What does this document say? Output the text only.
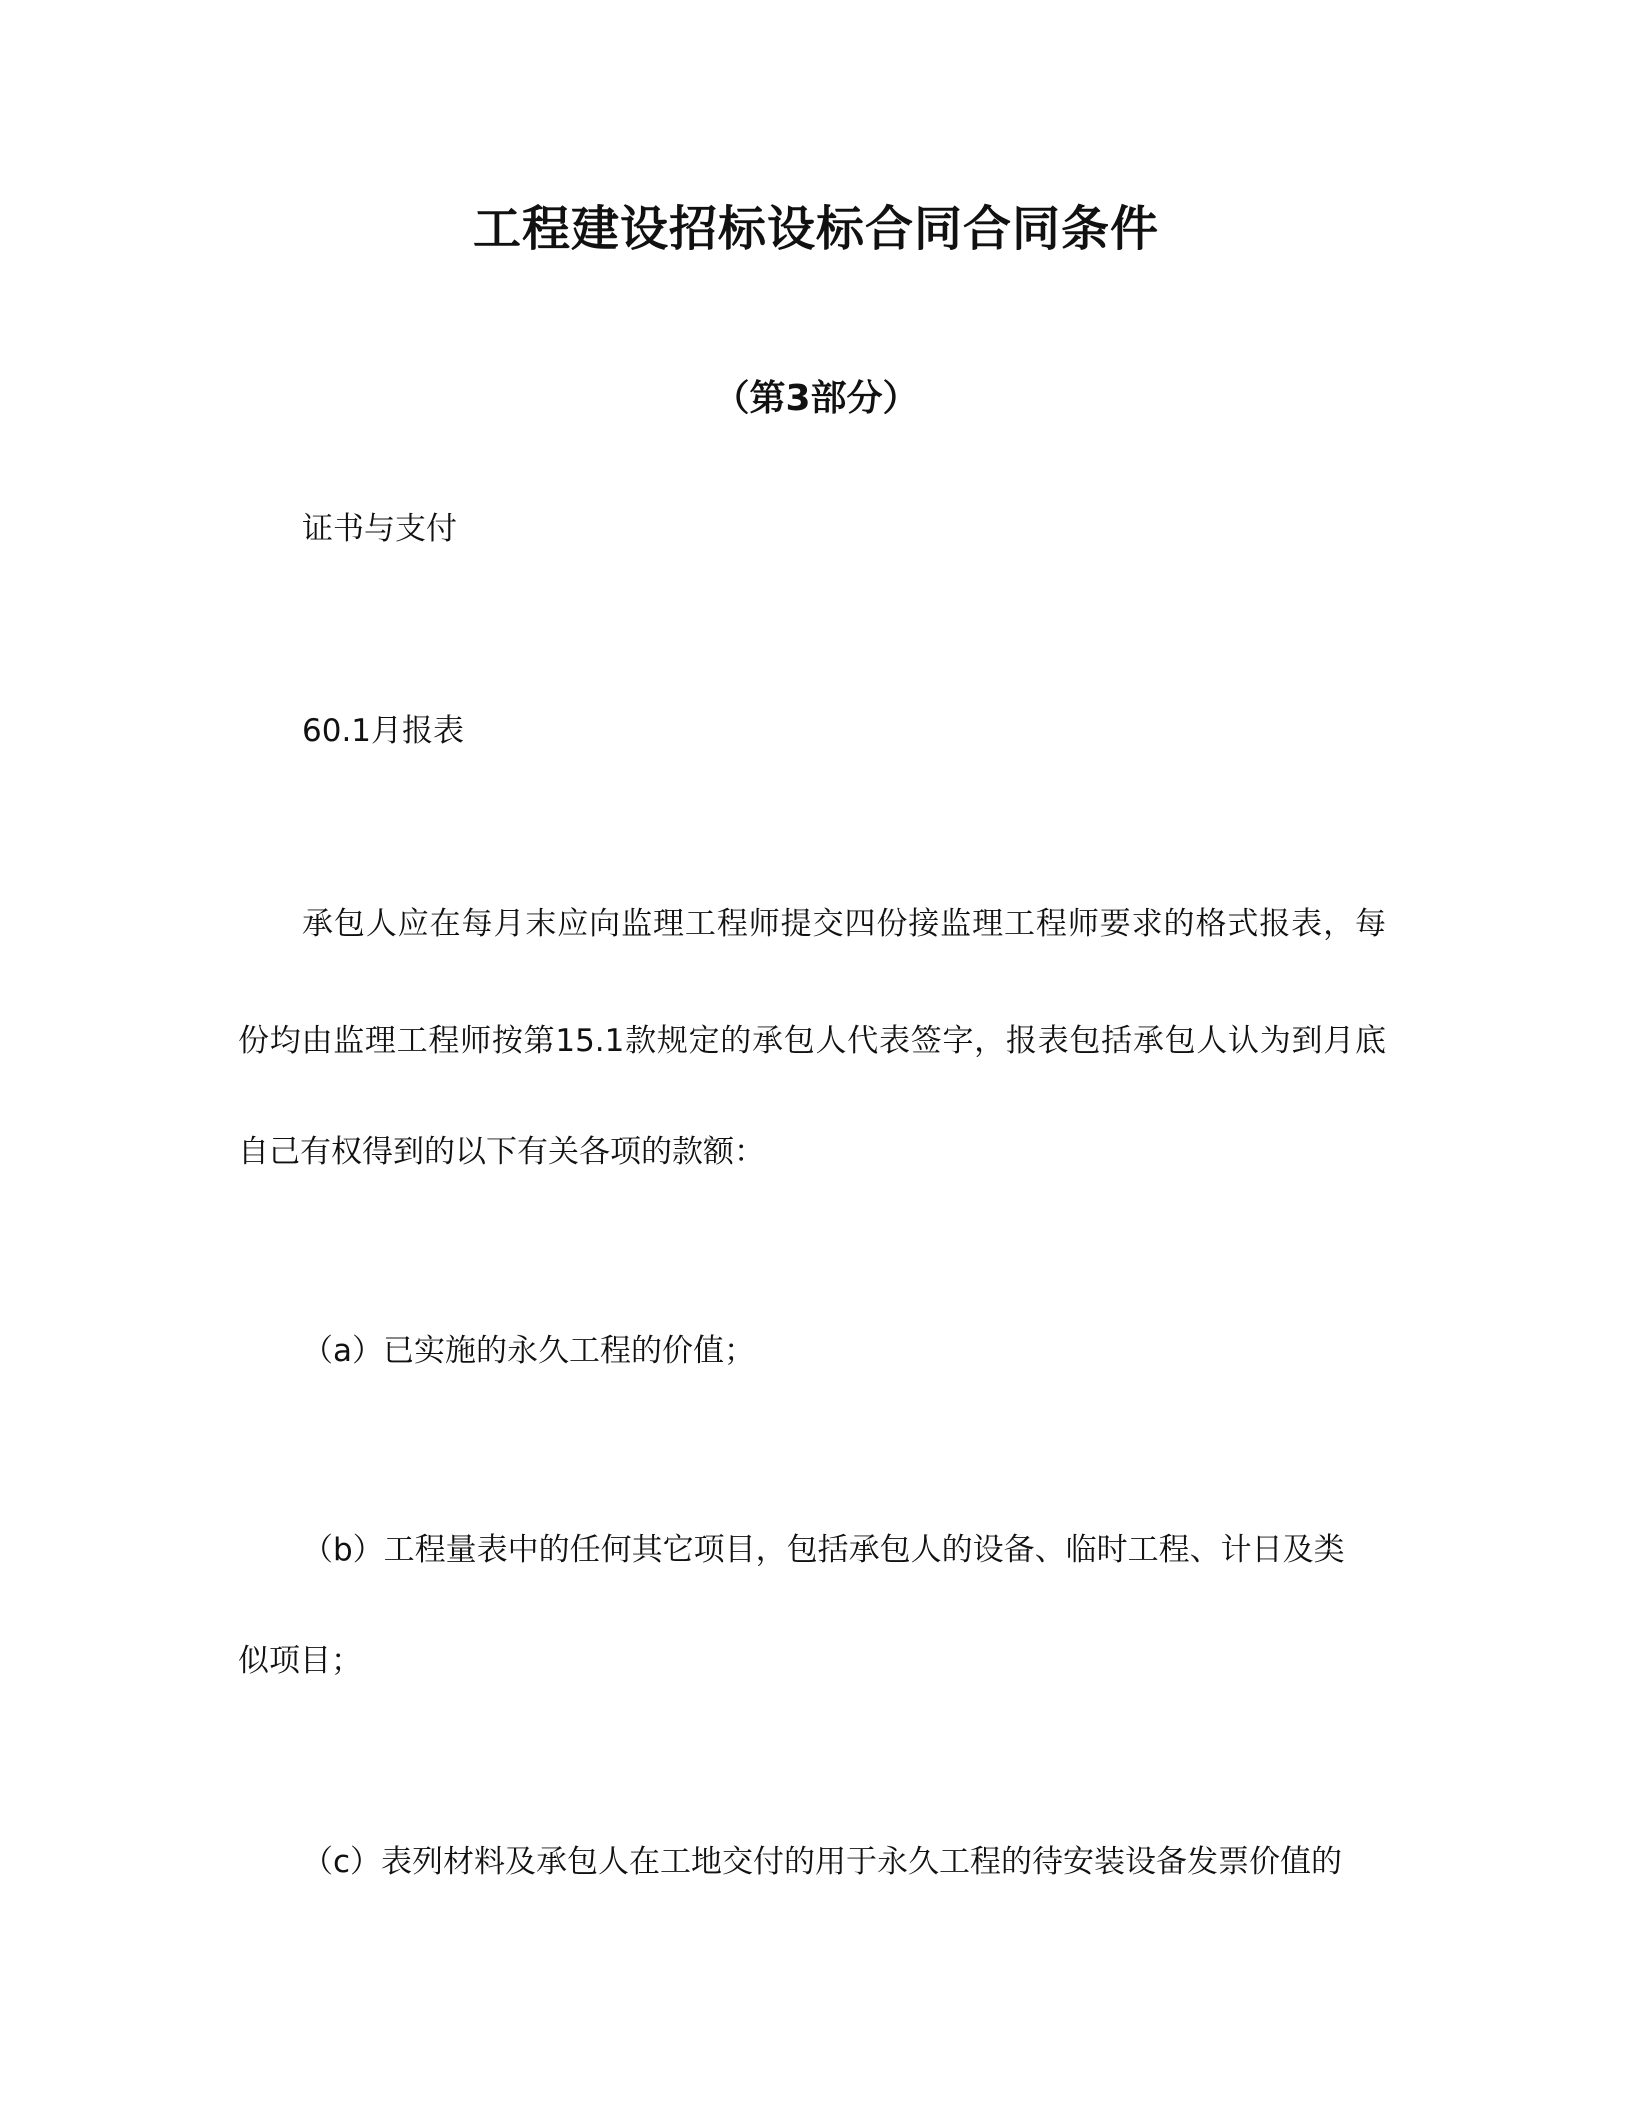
工程建设招标设标合同合同条件
（第3部分）
证书与支付
60.1月报表
承包人应在每月末应向监理工程师提交四份接监理工程师要求的格式报表，每
份均由监理工程师按第15.1款规定的承包人代表签字，报表包括承包人认为到月底
自己有权得到的以下有关各项的款额：
（a）已实施的永久工程的价值；
（b）工程量表中的任何其它项目，包括承包人的设备、临时工程、计日及类
似项目；
（c）表列材料及承包人在工地交付的用于永久工程的待安装设备发票价值的
